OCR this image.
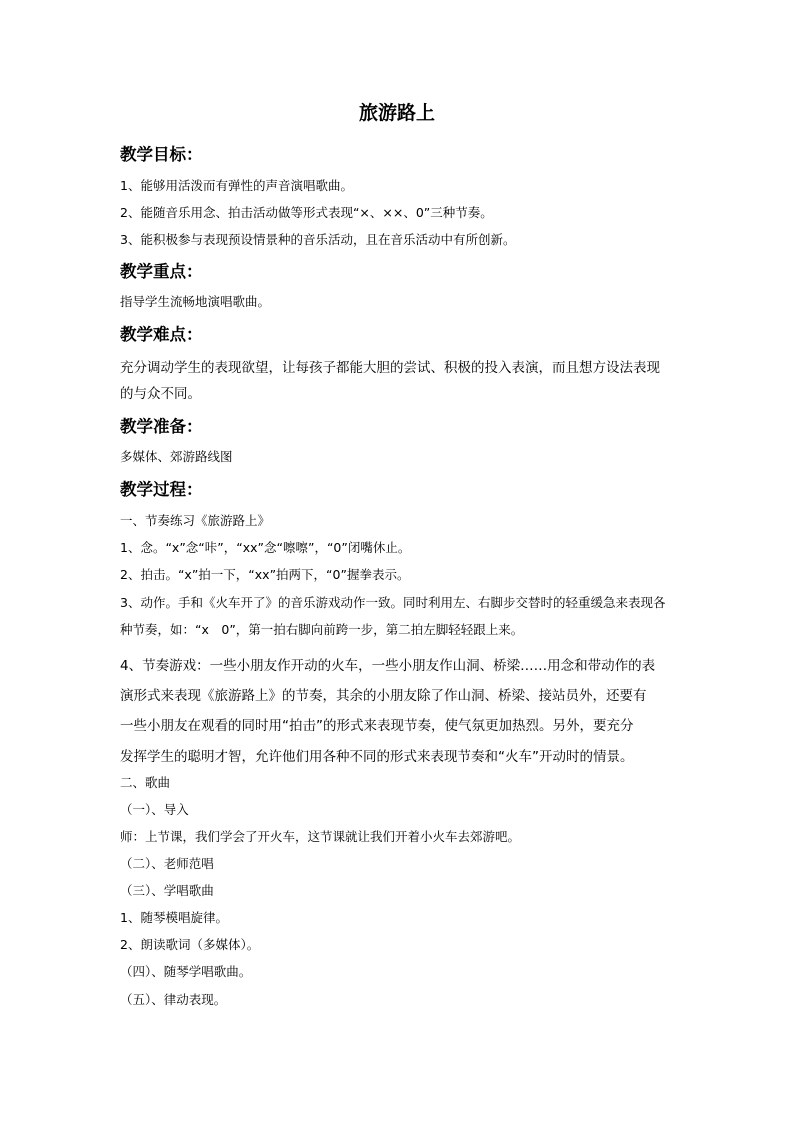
旅游路上
教学目标：
1、能够用活泼而有弹性的声音演唱歌曲。
2、能随音乐用念、拍击活动做等形式表现“×、××、0”三种节奏。
3、能积极参与表现预设情景种的音乐活动，且在音乐活动中有所创新。
教学重点：
指导学生流畅地演唱歌曲。
教学难点：
充分调动学生的表现欲望，让每孩子都能大胆的尝试、积极的投入表演，而且想方设法表现
的与众不同。
教学准备：
多媒体、郊游路线图
教学过程：
一、节奏练习《旅游路上》
1、念。“x”念“咔”，“xx”念“嚓嚓”，“0”闭嘴休止。
2、拍击。“x”拍一下，“xx”拍两下，“0”握拳表示。
3、动作。手和《火车开了》的音乐游戏动作一致。同时利用左、右脚步交替时的轻重缓急来表现各
种节奏，如：“x　0”，第一拍右脚向前跨一步，第二拍左脚轻轻跟上来。
4、节奏游戏：一些小朋友作开动的火车，一些小朋友作山洞、桥梁……用念和带动作的表
演形式来表现《旅游路上》的节奏，其余的小朋友除了作山洞、桥梁、接站员外，还要有
一些小朋友在观看的同时用“拍击”的形式来表现节奏，使气氛更加热烈。另外，要充分
发挥学生的聪明才智，允许他们用各种不同的形式来表现节奏和“火车”开动时的情景。
二、歌曲
（一）、导入
师：上节课，我们学会了开火车，这节课就让我们开着小火车去郊游吧。
（二）、老师范唱
（三）、学唱歌曲
1、随琴模唱旋律。
2、朗读歌词（多媒体）。
（四）、随琴学唱歌曲。
（五）、律动表现。
